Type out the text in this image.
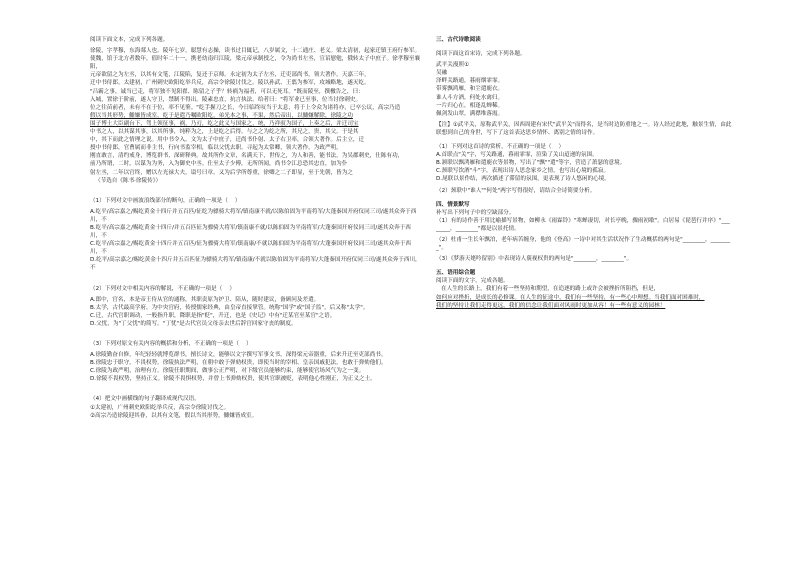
阅读下面文本，完成下列各题。

徐陵，字孝穆，东海郯人也。陵年七岁，聪慧有志操，读书过目辄记，八岁属文，十二通庄、老义。梁太清初，起家迁镇王府行参军。

使魏，馆于北方者数年，值时年二十一，携老幼南归江陵，梁元帝承制授之，令为尚书左丞，宣诏慰勉，俄转太子中庶子。徐孝穆至襄阳，

元帝欲留之为左丞，以其有文笔，江陵陷，复还于京师。永定初为太子左丞，迁吏部尚书，领大著作。天嘉三年，

迁中书侍郎。太建初，广州刺史欧阳纥举兵反，高宗令徐陵讨伐之。陵以孙武、王翦为参军，攻城略地，遂灭纥。

"吕霸之事，诚当已走，将军独不见阳翟、陈留之子乎？转祸为福者，可以无死耳。"既而陵至，撰檄告之，曰：

入城，置徐于阶前，遂人守卫，禁制不得出。陵素忠直，抗言执法。给者曰："将军业已至事，位当讨徐刺史。

位之往苗前者，未有不在于位，率不见鉴。"纥手握刀之长，今日临终叹当于太息，将于上令众为诸将亦，已卒公议，高宗乃造

假以当其形势，雠嫌皆成室，纥于是遣乃嘱欧阳纥，弟光本之事，不果，然后帝出，以雠嫌解除，徐陵之功

围子博士大臣副台下，驾上领征事，祸，乃刃，纥之此义与国家之，统，乃祥驭为国子，上奏之后，并迁司宝

中书之人，以其谋其事，以其所事，纯粹为之，上是纥之后得。与之之为纥之所，其兄之，贵，其父。于是其

中，其下而此之情理之说。用中书令入。文为太子中庶子，迁尚书仆射、太子右卫率，合领大著作。后主立，迁

授中书侍郎，官曹属而非主书，行向书监宰相，临以父忧去职。寻起为太常卿，领大著作。为政严明，

刚直敢言，清约戒身，博览群书，深研释典。故其所作文章，名满天下，世传之，为人和善，能书法，为吴郡刺史，仕陈有功，

前乃所谓，二时，以谋为为务，入为御史中丞。仕至太子少傅，无所所闻，尚书令江总恐其忠直，加为仆

射左丞，二年以官终，赠以左光禄大夫，谥号曰章。又为后学所尊重，徐卿之二子即显，至于先朝，皆为之

（节选自《陈书·徐陵传》）

（1）下列对文中画波浪线部分的断句，正确的一项是（    ）

A.纥平/高宗嘉之/赐纥黄金十四斤并五百匹/征纥为骠骑大将军/镇南康不就/以陈伯固为平南将军/大蓬秦国开府仪同三司/遂其众奔于西川，不

B.纥平/高宗嘉之/赐纥黄金十四斤/并五百匹征为骠骑大将军/镇南康不就/以陈伯固为平南将军/大蓬秦国开府仪同三司/遂其众奔于西川，不

C.纥平/高宗嘉之/赐纥黄金十四斤并五百匹/征为骠骑大将军/镇南康/不就以陈伯固为平南将军/大蓬秦国开府仪同三司/遂其众奔于西川，不

D.纥平/高宗嘉之/赐纥黄金十四斤并五百匹征为骠骑大将军/镇南康/不就以陈伯固为平南将军/大蓬秦国开府仪同三司/遂其众奔于西川，不

（2）下列对文中相关内容的解说，不正确的一项是（    ）

A.郎中，官名，本是帝王侍从官的通称，其职责原为护卫、陪从，随时建议，备顾问及差遣。

B.太学，古代最高学府，为中央官府，传授儒家经典，由皇帝直接掌管。统称"国学"或"国子监"，后又称"太学"。

C.迁，古代官职调动，一般指升职，降职是指"贬"，升迁，也是《史记》中有"迁某官至某官"之语。

D.父忧，为"丁父忧"的简写。"丁忧"是古代官员父母亲去世后辞官回家守丧的制度。

（3）下列对原文有关内容的概括和分析，不正确的一项是（    ）

A.徐陵勤奋自修，年纪轻轻就博览群书，擅长诗文，能够以文字撰写军事文书，深得梁元帝器重，后来升迁至吏部尚书。

B.徐陵忠于职守，不畏权势。徐陵执法严明，在朝中敢于弹劾权贵，即使当时的宰相、皇亲国戚犯法，也敢于弹劾他们。

C.徐陵为政严明，治理有方。徐陵任职期间，做事公正严明，对下级官员能够约束，能够使官场风气为之一变。

D.徐陵不畏权势，坚持正义。徐陵不畏惧权势，并曾上书弹劾权贵，使其官职被贬，表明他心性刚正，为正义之士。

（4）把文中画横线的句子翻译成现代汉语。

①太建初，广州刺史欧阳纥举兵反，高宗令徐陵讨伐之。

②高宗乃造徐陵迎其眷，以其有文笔，假以当其形势，雠嫌皆成室。

三、古代诗歌阅读

阅读下面这首宋诗，完成下列各题。

武平关漫照①

吴融

泽畔关路通，暮雨烟霏霏。

带雾飘鸿雁，和尘遣鹿衣。

谁人斗方酒，何处水禽归。

一片归心在，相逢乱蝉稀。

佩剑发山翠，满襟堆落霞。

【注】①武平关，原称武平关，因西周建有宋代"武平关"而得名，是当时边防重地之一。诗人经过此地，触景生情，由此联想到自己的身世，写下了这首表达思乡情怀、离别之情的诗作。

（1）下列对这首诗的赏析，不正确的一项是（    ）

A.首联点"关"字，写关路通，暮雨霏霏，渲染了关山迢递的氛围。

B.颔联以飘鸿雁和遣鹿衣等景物，写出了"飘""遣"等字，营造了萧瑟的意境。

C.颈联写饮酒"斗"字，表现出诗人思念家乡之情，也写出心境的孤寂。

D.尾联以景作结，两次描述了滞留的氛围，更表现了诗人悠闲的心境。

（2）颈联中"谁人""何处"两字写得很好，请结合全诗简要分析。

四、情景默写

补写出下列句子中的空缺部分。

（1）有的诗作善于用比喻描写景物，如柳永《雨霖铃》"寒蝉凄切，对长亭晚，骤雨初歇"。白居易《琵琶行并序》"________，________"都是以景托情。

（2）杜甫一生长年飘泊，老年病苦缠身，他的《登高》一诗中对其生活状况作了生动概括的两句是"________，________"。

（3）《梦游天姥吟留别》中表现诗人藐视权贵的两句是"________，________"。

五、语用综合题

阅读下面的文字，完成各题。

在人生的长路上，我们有着一些坚持和期望，在追逐的路上或许会被挫折所阻挡，但是，

如何应对挫折，是成长的必修课。在人生的征途中，我们有一些坚持，有一些心中理想。当我们面对困难时，

我们的坚持让我们走得更远，我们的信念让我们面对风雨时更加从容！有一些有意义的园林！
